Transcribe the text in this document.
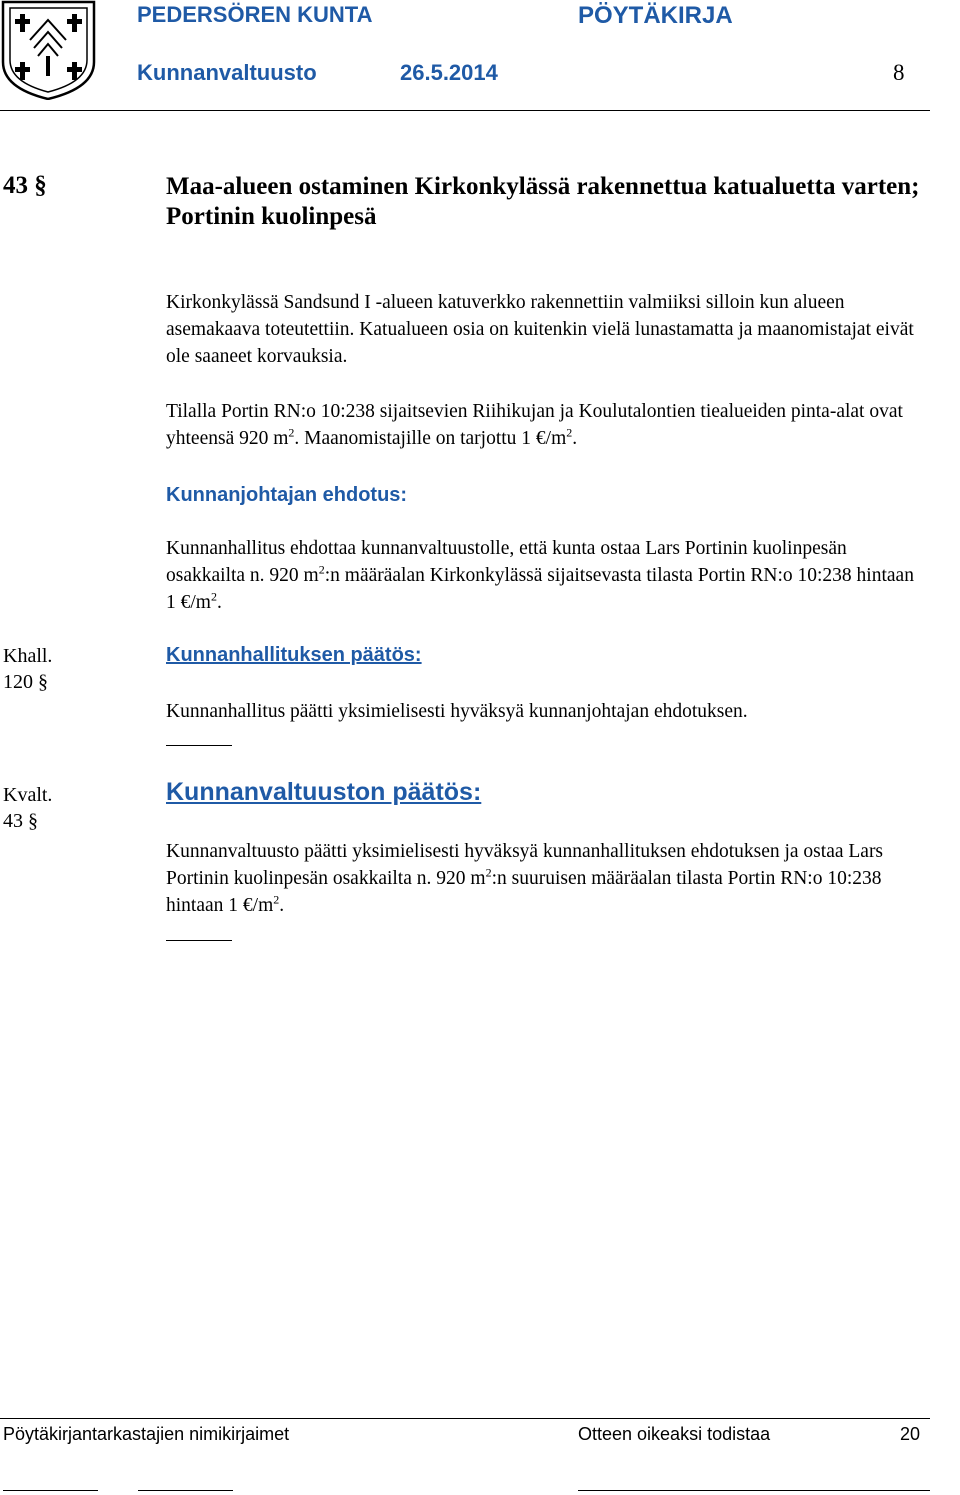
PEDERSÖREN KUNTA	PÖYTÄKIRJA
Kunnanvaltuusto	26.5.2014	8
43 §	Maa-alueen ostaminen Kirkonkylässä rakennettua katualuetta varten; Portinin kuolinpesä
Kirkonkylässä Sandsund I -alueen katuverkko rakennettiin valmiiksi silloin kun alueen asemakaava toteutettiin. Katualueen osia on kuitenkin vielä lunastamatta ja maanomistajat eivät ole saaneet korvauksia.
Tilalla Portin RN:o 10:238 sijaitsevien Riihikujan ja Koulutalontien tiealueiden pinta-alat ovat yhteensä 920 $m^2$. Maanomistajille on tarjottu 1 $€/m^2$.
Kunnanjohtajan ehdotus:
Kunnanhallitus ehdottaa kunnanvaltuustolle, että kunta ostaa Lars Portinin kuolinpesän osakkailta n. 920 $m^2:n$ määräalan Kirkonkylässä sijaitsevasta tilasta Portin RN:o 10:238 hintaan 1 $€/m^2$.
Khall.
120 §
Kunnanhallituksen päätös:
Kunnanhallitus päätti yksimielisesti hyväksyä kunnanjohtajan ehdotuksen.
Kvalt.
43 §
Kunnanvaltuuston päätös:
Kunnanvaltuusto päätti yksimielisesti hyväksyä kunnanhallituksen ehdotuksen ja ostaa Lars Portinin kuolinpesän osakkailta n. 920 $m^2:n$ suuruisen määräalan tilasta Portin RN:o 10:238 hintaan 1 $€/m^2$.
Pöytäkirjantarkastajien nimikirjaimet	Otteen oikeaksi todistaa	20
